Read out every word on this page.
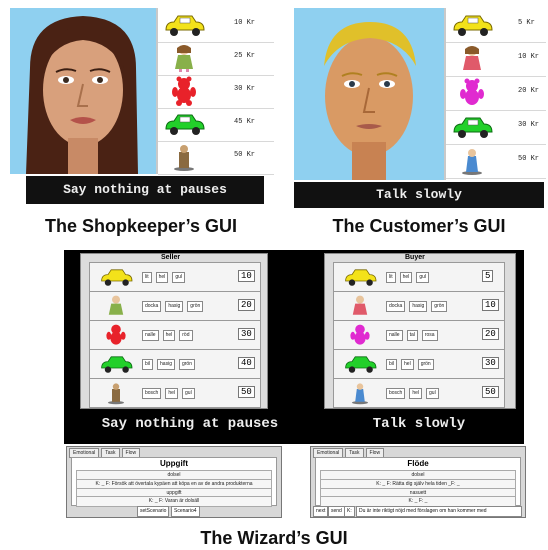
10 Kr
25 Kr
30 Kr
45 Kr
50 Kr
Say nothing at pauses
The Shopkeeper’s GUI
5 Kr
10 Kr
20 Kr
30 Kr
50 Kr
Talk slowly
The Customer’s GUI
Seller
lit	hel	gul	10
docka	hasig	grön	20
nalle	hel	röd	30
bil	hasig	grön	40
bosch	hel	gul	50
Say nothing at pauses
Buyer
lit	hel	gul	5
docka	hasig	grön	10
nalle	tal	rosa	20
bil	hel	grön	30
bosch	hel	gul	50
Talk slowly
Emotional	Task	Flow
Uppgift
dolsel
K: _ F: Försök att övertala kypäen att köpa en av de andra produkterna
uppgift
K: _ F: Varan är dolsäll
setScenario	Scenario4
Emotional	Task	Flow
Flöde
dolsel
K: _ F: Rätta dig själv hela tiden _F: _
nasuett
K: _ F: _
next	send	K:	Du är inte riktigt nöjd med förslagen om han kommer med
The Wizard’s GUI
